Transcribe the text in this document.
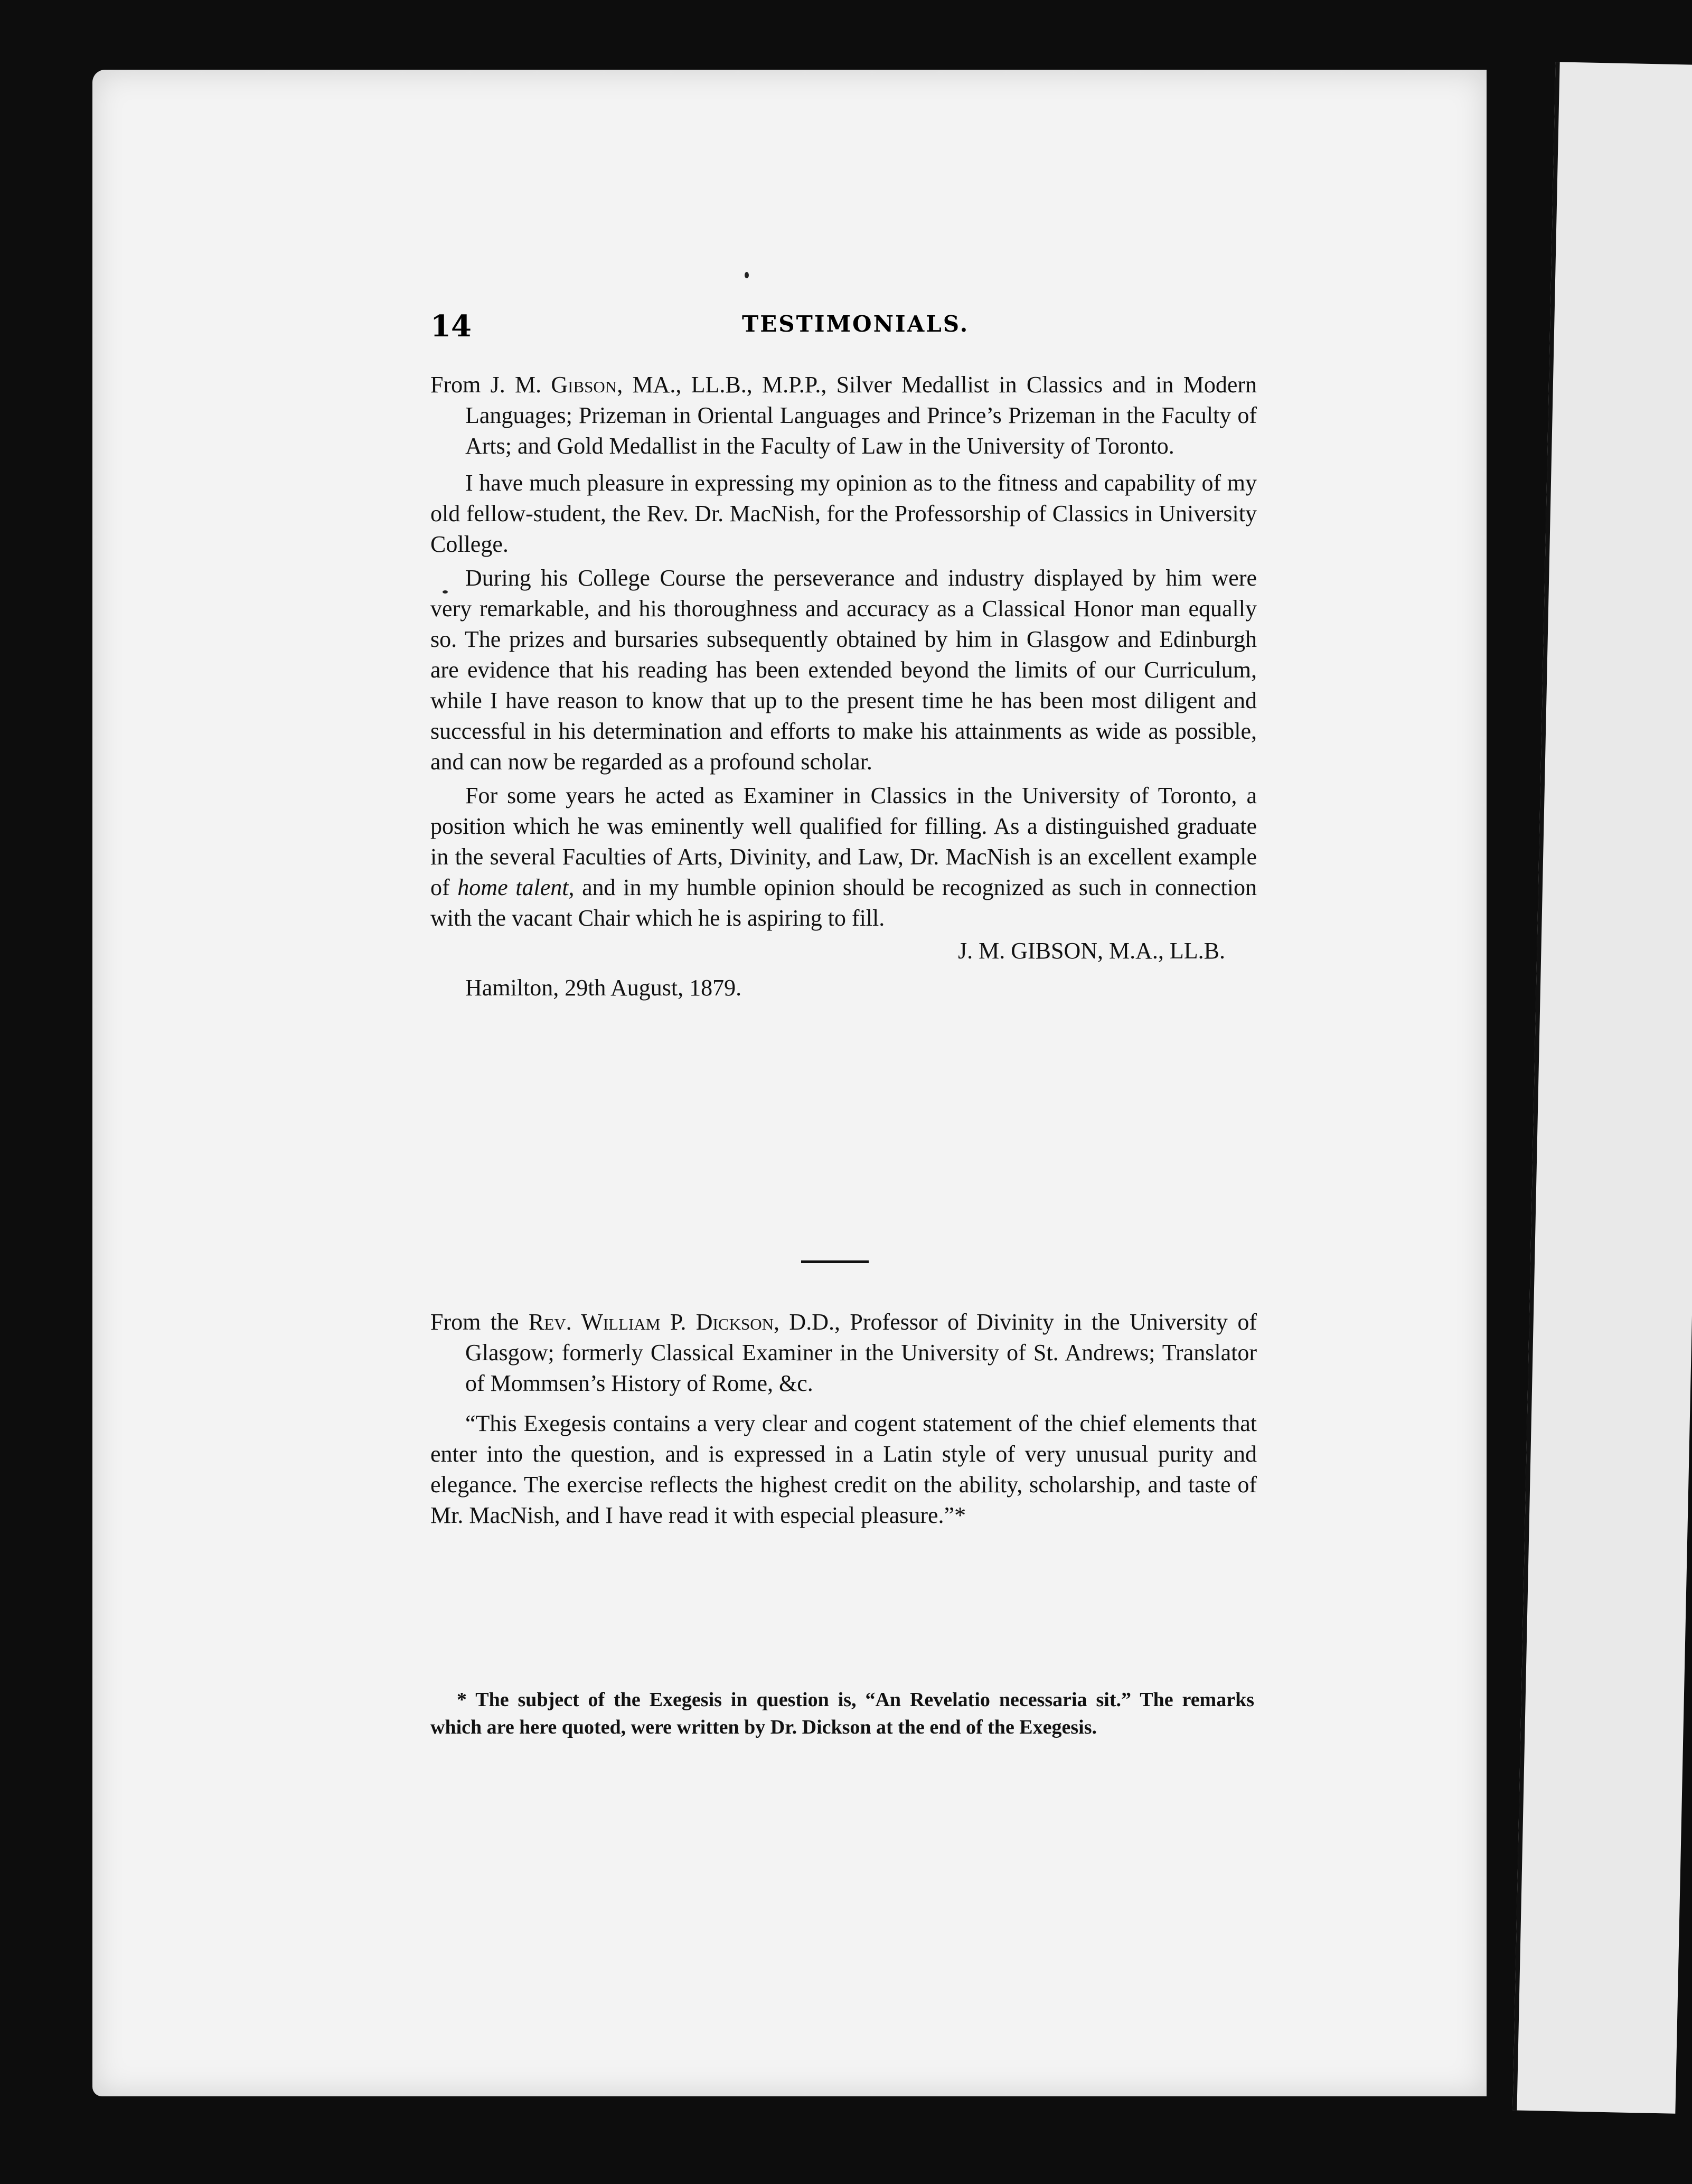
14	TESTIMONIALS.

From J. M. Gibson, MA., LL.B., M.P.P., Silver Medallist in Classics and in Modern Languages; Prizeman in Oriental Languages and Prince’s Prizeman in the Faculty of Arts; and Gold Medallist in the Faculty of Law in the University of Toronto.

I have much pleasure in expressing my opinion as to the fitness and capability of my old fellow-student, the Rev. Dr. MacNish, for the Professorship of Classics in University College.

During his College Course the perseverance and industry displayed by him were very remarkable, and his thoroughness and accuracy as a Classical Honor man equally so. The prizes and bursaries subsequently obtained by him in Glasgow and Edinburgh are evidence that his reading has been extended beyond the limits of our Curriculum, while I have reason to know that up to the present time he has been most diligent and successful in his determination and efforts to make his attainments as wide as possible, and can now be regarded as a profound scholar.

For some years he acted as Examiner in Classics in the University of Toronto, a position which he was eminently well qualified for filling. As a distinguished graduate in the several Faculties of Arts, Divinity, and Law, Dr. MacNish is an excellent example of home talent, and in my humble opinion should be recognized as such in connection with the vacant Chair which he is aspiring to fill.

J. M. GIBSON, M.A., LL.B.
Hamilton, 29th August, 1879.

From the Rev. William P. Dickson, D.D., Professor of Divinity in the University of Glasgow; formerly Classical Examiner in the University of St. Andrews; Translator of Mommsen’s History of Rome, &c.

“This Exegesis contains a very clear and cogent statement of the chief elements that enter into the question, and is expressed in a Latin style of very unusual purity and elegance. The exercise reflects the highest credit on the ability, scholarship, and taste of Mr. MacNish, and I have read it with especial pleasure.”*

* The subject of the Exegesis in question is, “An Revelatio necessaria sit.” The remarks which are here quoted, were written by Dr. Dickson at the end of the Exegesis.
